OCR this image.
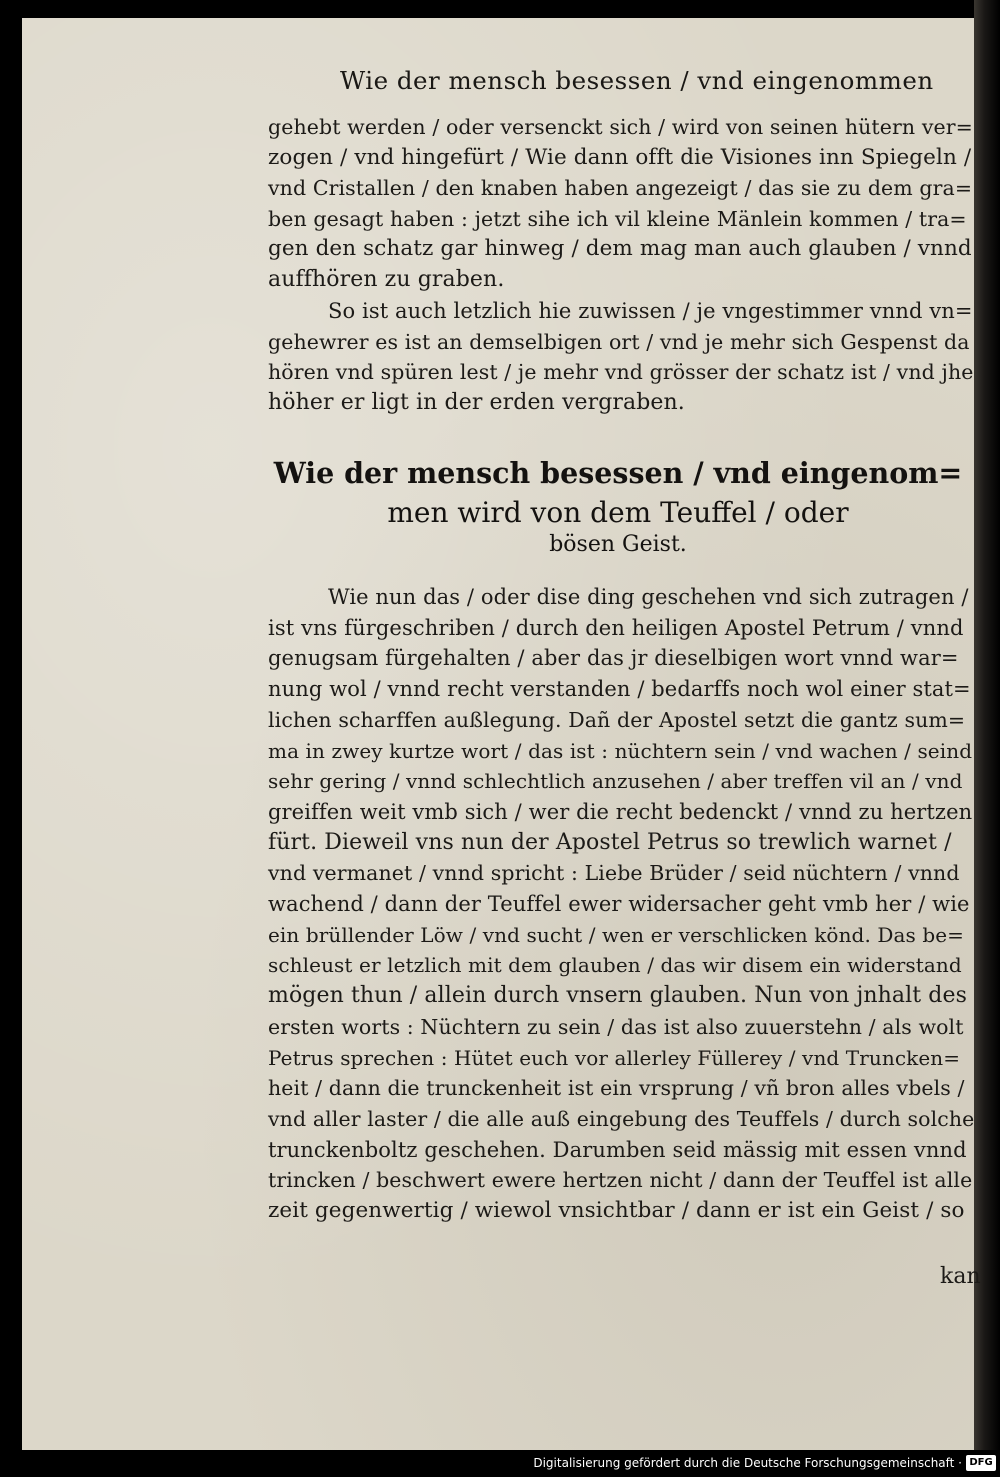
Wie der mensch besessen / vnd eingenommen
gehebt werden / oder versenckt sich / wird von seinen hütern ver=
zogen / vnd hingefürt / Wie dann offt die Visiones inn Spiegeln /
vnd Cristallen / den knaben haben angezeigt / das sie zu dem gra=
ben gesagt haben : jetzt sihe ich vil kleine Mänlein kommen / tra=
gen den schatz gar hinweg / dem mag man auch glauben / vnnd
auffhören zu graben.
So ist auch letzlich hie zuwissen / je vngestimmer vnnd vn=
gehewrer es ist an demselbigen ort / vnd je mehr sich Gespenst da
hören vnd spüren lest / je mehr vnd grösser der schatz ist / vnd jhe
höher er ligt in der erden vergraben.
Wie der mensch besessen / vnd eingenom=
men wird von dem Teuffel / oder
bösen Geist.
Wie nun das / oder dise ding geschehen vnd sich zutragen /
ist vns fürgeschriben / durch den heiligen Apostel Petrum / vnnd
genugsam fürgehalten / aber das jr dieselbigen wort vnnd war=
nung wol / vnnd recht verstanden / bedarffs noch wol einer stat=
lichen scharffen außlegung. Dañ der Apostel setzt die gantz sum=
ma in zwey kurtze wort / das ist : nüchtern sein / vnd wachen / seind
sehr gering / vnnd schlechtlich anzusehen / aber treffen vil an / vnd
greiffen weit vmb sich / wer die recht bedenckt / vnnd zu hertzen
fürt. Dieweil vns nun der Apostel Petrus so trewlich warnet /
vnd vermanet / vnnd spricht : Liebe Brüder / seid nüchtern / vnnd
wachend / dann der Teuffel ewer widersacher geht vmb her / wie
ein brüllender Löw / vnd sucht / wen er verschlicken könd. Das be=
schleust er letzlich mit dem glauben / das wir disem ein widerstand
mögen thun / allein durch vnsern glauben. Nun von jnhalt des
ersten worts : Nüchtern zu sein / das ist also zuuerstehn / als wolt
Petrus sprechen : Hütet euch vor allerley Füllerey / vnd Truncken=
heit / dann die trunckenheit ist ein vrsprung / vñ bron alles vbels /
vnd aller laster / die alle auß eingebung des Teuffels / durch solche
trunckenboltz geschehen. Darumben seid mässig mit essen vnnd
trincken / beschwert ewere hertzen nicht / dann der Teuffel ist alle
zeit gegenwertig / wiewol vnsichtbar / dann er ist ein Geist / so
kan
Digitalisierung gefördert durch die Deutsche Forschungsgemeinschaft · DFG
